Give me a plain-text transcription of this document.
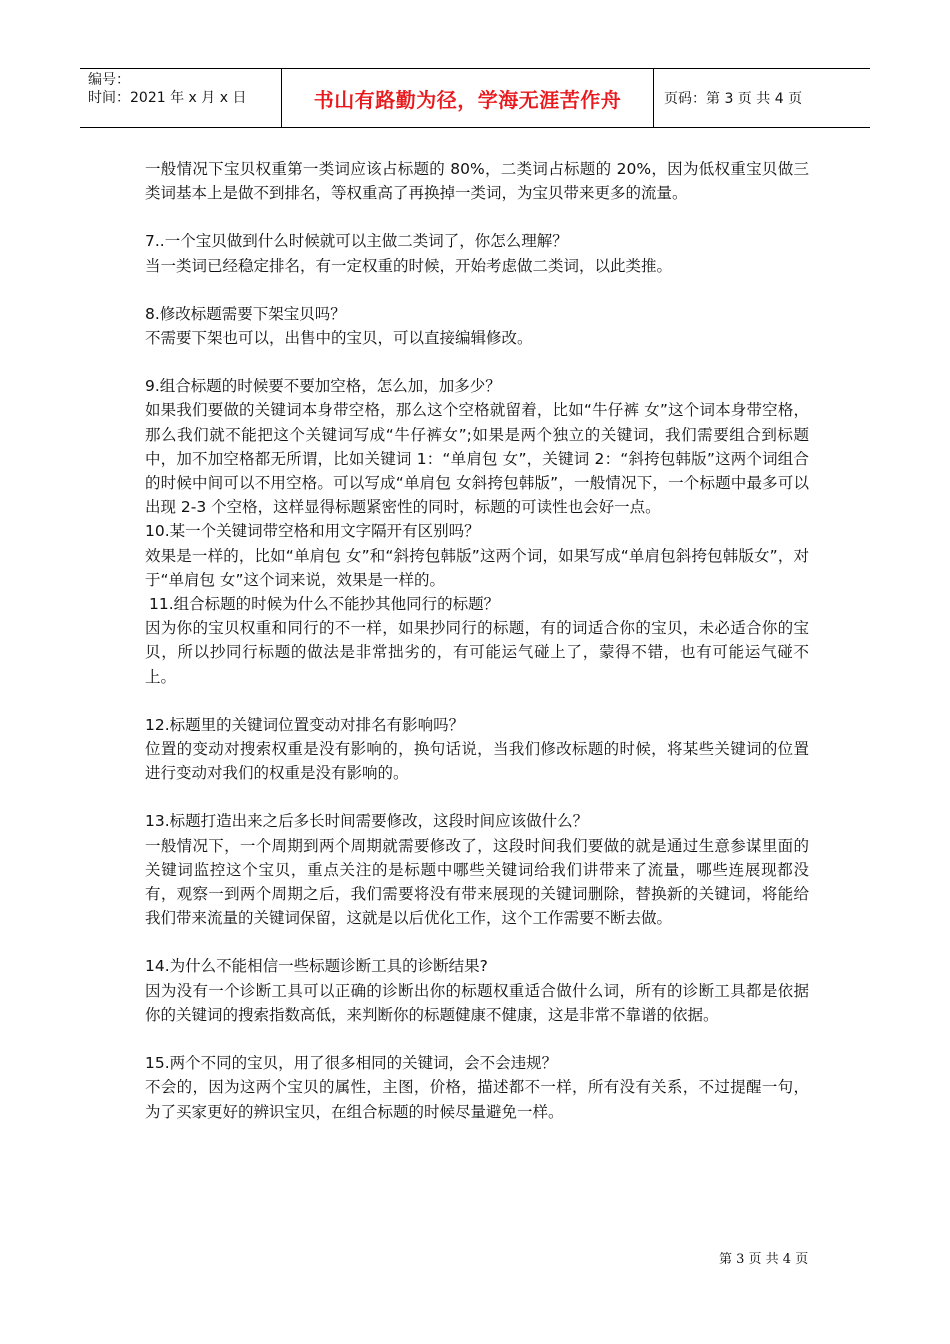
编号：
时间：2021 年 x 月 x 日	书山有路勤为径，学海无涯苦作舟	页码：第 3 页 共 4 页

一般情况下宝贝权重第一类词应该占标题的 80%，二类词占标题的 20%，因为低权重宝贝做三类词基本上是做不到排名，等权重高了再换掉一类词，为宝贝带来更多的流量。

7..一个宝贝做到什么时候就可以主做二类词了，你怎么理解？

当一类词已经稳定排名，有一定权重的时候，开始考虑做二类词，以此类推。

8.修改标题需要下架宝贝吗？

不需要下架也可以，出售中的宝贝，可以直接编辑修改。

9.组合标题的时候要不要加空格，怎么加，加多少？

如果我们要做的关键词本身带空格，那么这个空格就留着，比如“牛仔裤 女”这个词本身带空格，那么我们就不能把这个关键词写成“牛仔裤女”;如果是两个独立的关键词，我们需要组合到标题中，加不加空格都无所谓，比如关键词 1：“单肩包 女”，关键词 2：“斜挎包韩版”这两个词组合的时候中间可以不用空格。可以写成“单肩包 女斜挎包韩版”，一般情况下，一个标题中最多可以出现 2-3 个空格，这样显得标题紧密性的同时，标题的可读性也会好一点。

10.某一个关键词带空格和用文字隔开有区别吗？

效果是一样的，比如“单肩包 女”和“斜挎包韩版”这两个词，如果写成“单肩包斜挎包韩版女”，对于“单肩包 女”这个词来说，效果是一样的。

11.组合标题的时候为什么不能抄其他同行的标题？

因为你的宝贝权重和同行的不一样，如果抄同行的标题，有的词适合你的宝贝，未必适合你的宝贝，所以抄同行标题的做法是非常拙劣的，有可能运气碰上了，蒙得不错，也有可能运气碰不上。

12.标题里的关键词位置变动对排名有影响吗？

位置的变动对搜索权重是没有影响的，换句话说，当我们修改标题的时候，将某些关键词的位置进行变动对我们的权重是没有影响的。

13.标题打造出来之后多长时间需要修改，这段时间应该做什么？

一般情况下，一个周期到两个周期就需要修改了，这段时间我们要做的就是通过生意参谋里面的关键词监控这个宝贝，重点关注的是标题中哪些关键词给我们讲带来了流量，哪些连展现都没有，观察一到两个周期之后，我们需要将没有带来展现的关键词删除，替换新的关键词，将能给我们带来流量的关键词保留，这就是以后优化工作，这个工作需要不断去做。

14.为什么不能相信一些标题诊断工具的诊断结果?

因为没有一个诊断工具可以正确的诊断出你的标题权重适合做什么词，所有的诊断工具都是依据你的关键词的搜索指数高低，来判断你的标题健康不健康，这是非常不靠谱的依据。

15.两个不同的宝贝，用了很多相同的关键词，会不会违规？

不会的，因为这两个宝贝的属性，主图，价格，描述都不一样，所有没有关系，不过提醒一句，为了买家更好的辨识宝贝，在组合标题的时候尽量避免一样。

第 3 页 共 4 页
